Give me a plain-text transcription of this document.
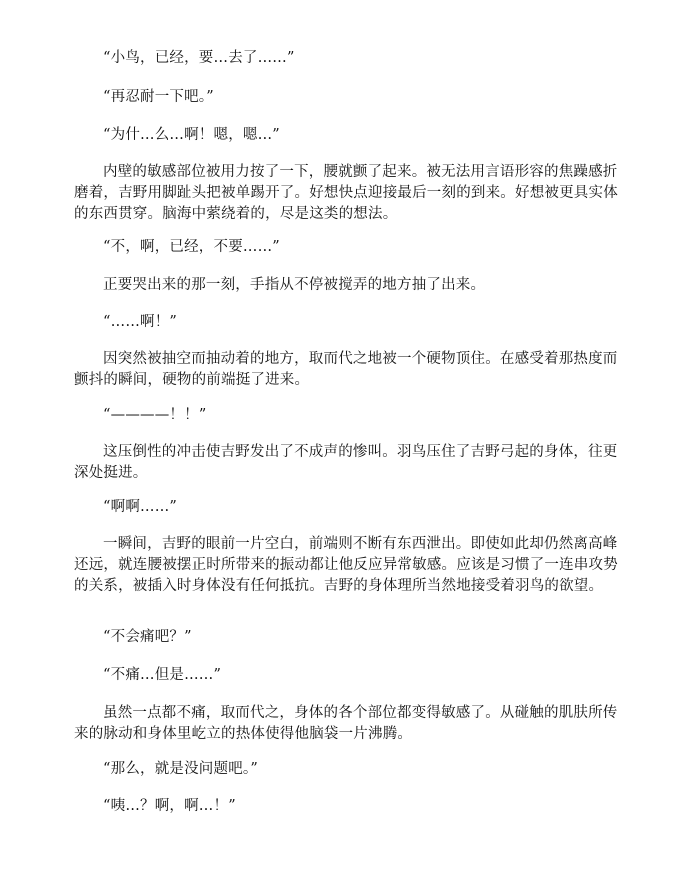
“小鸟，已经，要…去了……”

“再忍耐一下吧。”

“为什…么…啊！嗯，嗯…”

内壁的敏感部位被用力按了一下，腰就颤了起来。被无法用言语形容的焦躁感折磨着，吉野用脚趾头把被单踢开了。好想快点迎接最后一刻的到来。好想被更具实体的东西贯穿。脑海中萦绕着的，尽是这类的想法。

“不，啊，已经，不要……”

正要哭出来的那一刻，手指从不停被搅弄的地方抽了出来。

“……啊！”

因突然被抽空而抽动着的地方，取而代之地被一个硬物顶住。在感受着那热度而颤抖的瞬间，硬物的前端挺了进来。

“————！！”

这压倒性的冲击使吉野发出了不成声的惨叫。羽鸟压住了吉野弓起的身体，往更深处挺进。

“啊啊……”

一瞬间，吉野的眼前一片空白，前端则不断有东西泄出。即使如此却仍然离高峰还远，就连腰被摆正时所带来的振动都让他反应异常敏感。应该是习惯了一连串攻势的关系，被插入时身体没有任何抵抗。吉野的身体理所当然地接受着羽鸟的欲望。

“不会痛吧？”

“不痛…但是……”

虽然一点都不痛，取而代之，身体的各个部位都变得敏感了。从碰触的肌肤所传来的脉动和身体里屹立的热体使得他脑袋一片沸腾。

“那么，就是没问题吧。”

“咦…？啊，啊…！”
